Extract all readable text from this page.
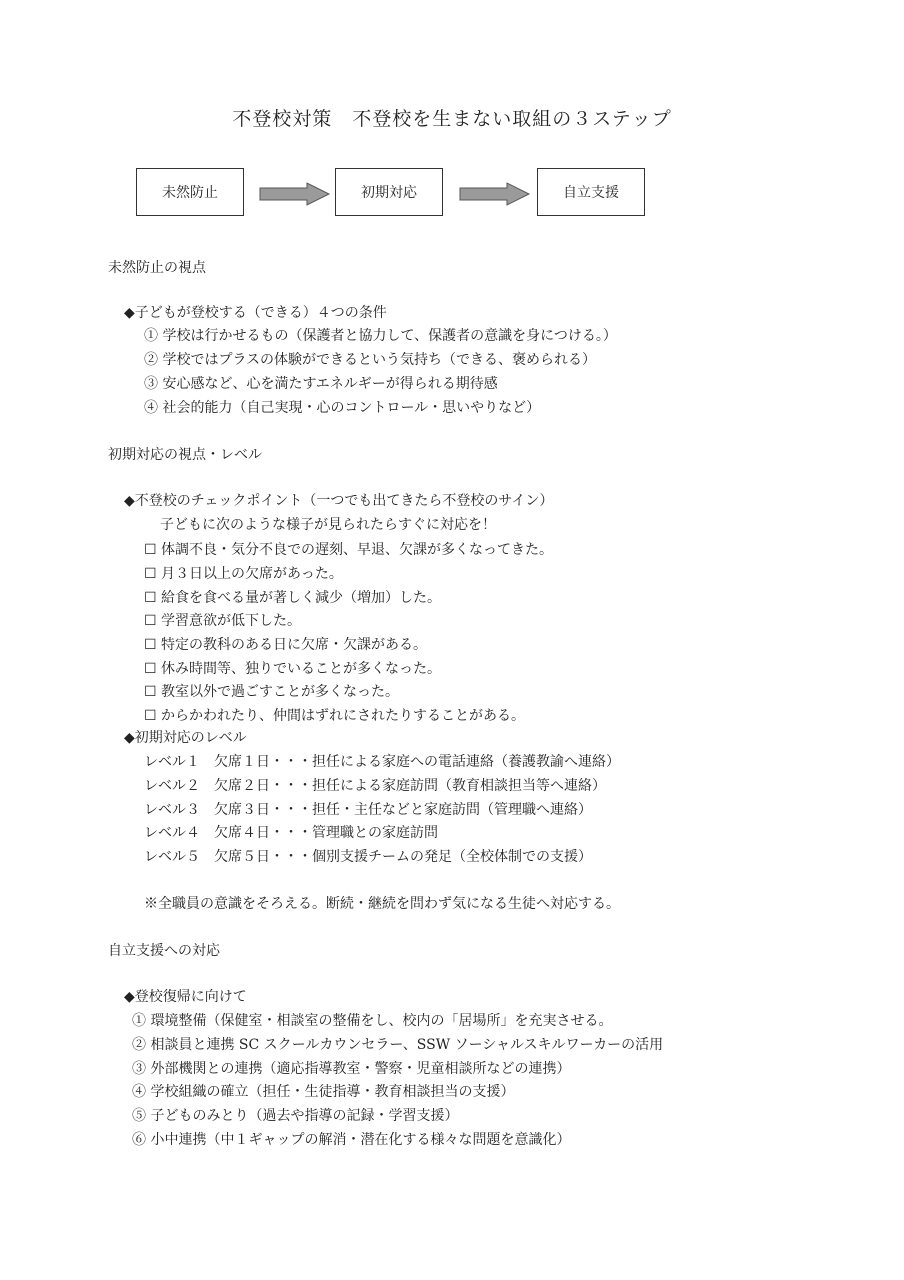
不登校対策　不登校を生まない取組の３ステップ
未然防止	初期対応	自立支援
未然防止の視点
◆子どもが登校する（できる）４つの条件
① 学校は行かせるもの（保護者と協力して、保護者の意識を身につける。）
② 学校ではプラスの体験ができるという気持ち（できる、褒められる）
③ 安心感など、心を満たすエネルギーが得られる期待感
④ 社会的能力（自己実現・心のコントロール・思いやりなど）
初期対応の視点・レベル
◆不登校のチェックポイント（一つでも出てきたら不登校のサイン）
子どもに次のような様子が見られたらすぐに対応を！
☐ 体調不良・気分不良での遅刻、早退、欠課が多くなってきた。
☐ 月３日以上の欠席があった。
☐ 給食を食べる量が著しく減少（増加）した。
☐ 学習意欲が低下した。
☐ 特定の教科のある日に欠席・欠課がある。
☐ 休み時間等、独りでいることが多くなった。
☐ 教室以外で過ごすことが多くなった。
☐ からかわれたり、仲間はずれにされたりすることがある。
◆初期対応のレベル
レベル１　欠席１日・・・担任による家庭への電話連絡（養護教諭へ連絡）
レベル２　欠席２日・・・担任による家庭訪問（教育相談担当等へ連絡）
レベル３　欠席３日・・・担任・主任などと家庭訪問（管理職へ連絡）
レベル４　欠席４日・・・管理職との家庭訪問
レベル５　欠席５日・・・個別支援チームの発足（全校体制での支援）
※全職員の意識をそろえる。断続・継続を問わず気になる生徒へ対応する。
自立支援への対応
◆登校復帰に向けて
① 環境整備（保健室・相談室の整備をし、校内の「居場所」を充実させる。
② 相談員と連携 SC スクールカウンセラー、SSW ソーシャルスキルワーカーの活用
③ 外部機関との連携（適応指導教室・警察・児童相談所などの連携）
④ 学校組織の確立（担任・生徒指導・教育相談担当の支援）
⑤ 子どものみとり（過去や指導の記録・学習支援）
⑥ 小中連携（中１ギャップの解消・潜在化する様々な問題を意識化）
